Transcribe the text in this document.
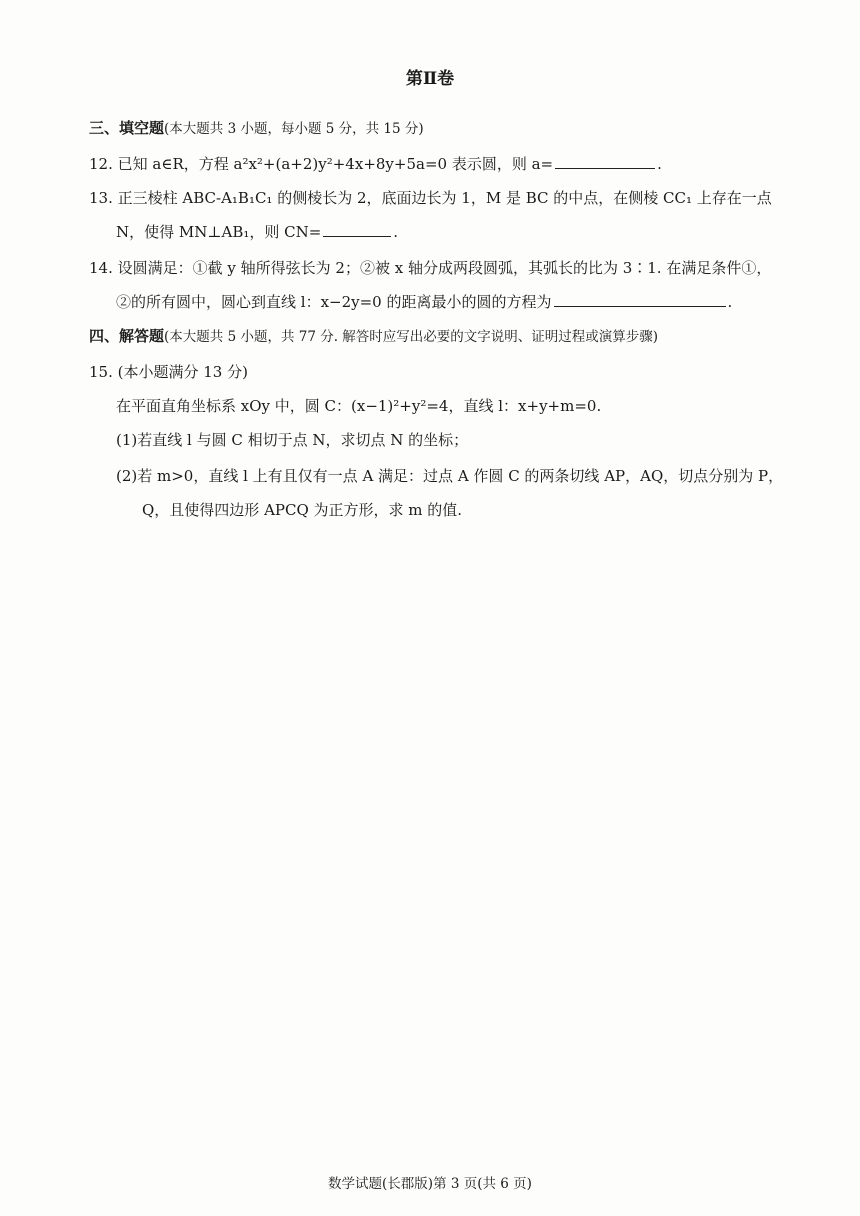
第Ⅱ卷
三、填空题(本大题共 3 小题，每小题 5 分，共 15 分)
12. 已知 a∈R，方程 a²x²+(a+2)y²+4x+8y+5a=0 表示圆，则 a=	.
13. 正三棱柱 ABC‑A₁B₁C₁ 的侧棱长为 2，底面边长为 1，M 是 BC 的中点，在侧棱 CC₁ 上存在一点
N，使得 MN⊥AB₁，则 CN=	.
14. 设圆满足：①截 y 轴所得弦长为 2；②被 x 轴分成两段圆弧，其弧长的比为 3∶1. 在满足条件①，
②的所有圆中，圆心到直线 l：x−2y=0 的距离最小的圆的方程为	.
四、解答题(本大题共 5 小题，共 77 分. 解答时应写出必要的文字说明、证明过程或演算步骤)
15. (本小题满分 13 分)
在平面直角坐标系 xOy 中，圆 C：(x−1)²+y²=4，直线 l：x+y+m=0.
(1)若直线 l 与圆 C 相切于点 N，求切点 N 的坐标；
(2)若 m>0，直线 l 上有且仅有一点 A 满足：过点 A 作圆 C 的两条切线 AP，AQ，切点分别为 P，
Q，且使得四边形 APCQ 为正方形，求 m 的值.
数学试题(长郡版)第 3 页(共 6 页)
